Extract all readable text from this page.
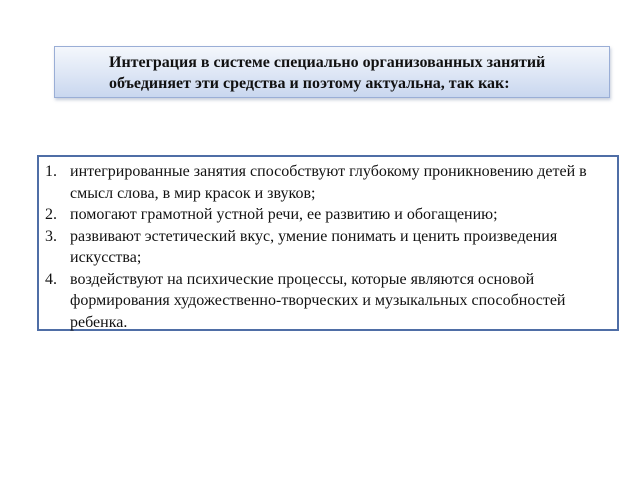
Интеграция в системе специально организованных занятий
объединяет эти средства и поэтому актуальна, так как:
1. интегрированные занятия способствуют глубокому проникновению детей в смысл слова, в мир красок и звуков;
2. помогают грамотной устной речи, ее развитию и обогащению;
3. развивают эстетический вкус, умение понимать и ценить произведения искусства;
4. воздействуют на психические процессы, которые являются основой формирования художественно-творческих и музыкальных способностей ребенка.
